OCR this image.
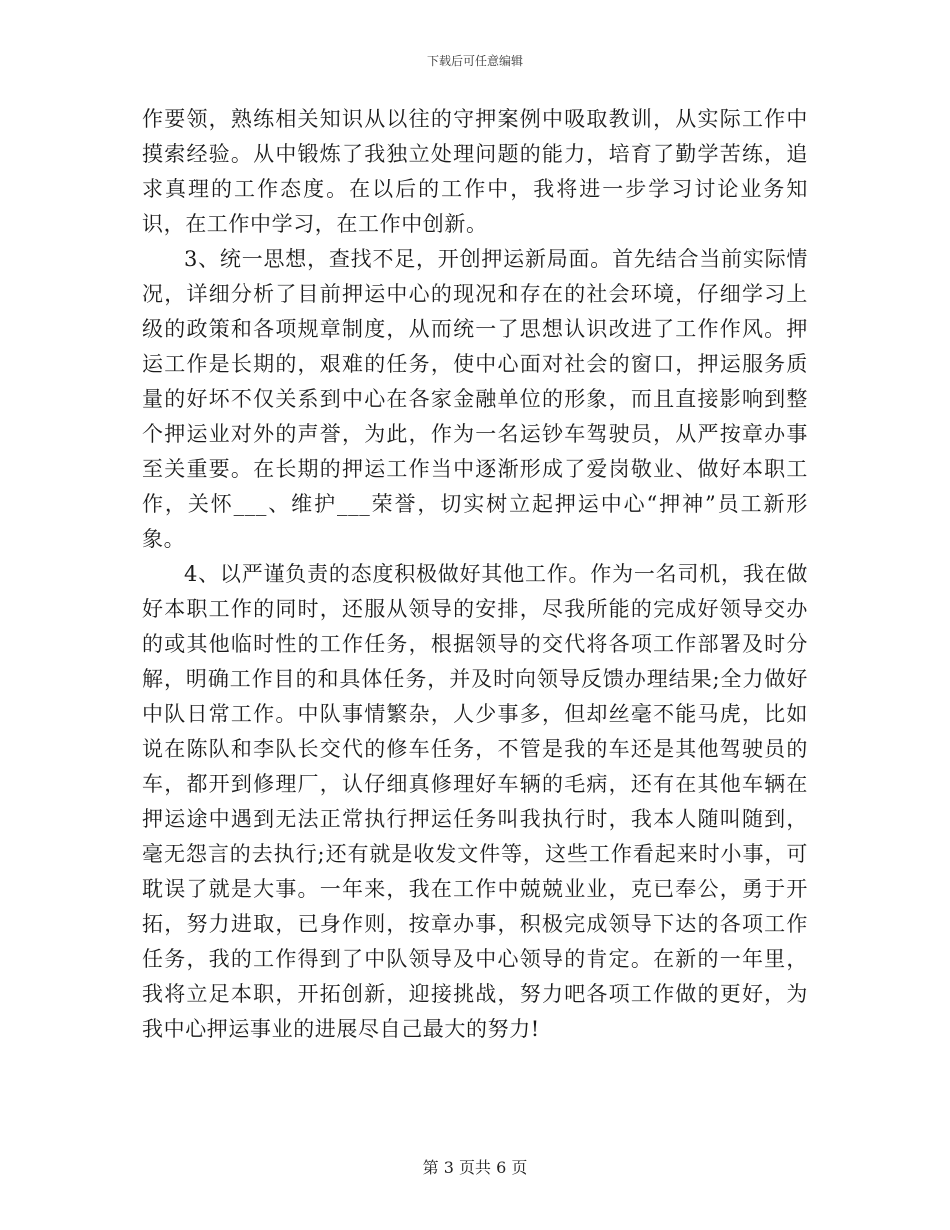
下载后可任意编辑

作要领，熟练相关知识从以往的守押案例中吸取教训，从实际工作中摸索经验。从中锻炼了我独立处理问题的能力，培育了勤学苦练，追求真理的工作态度。在以后的工作中，我将进一步学习讨论业务知识，在工作中学习，在工作中创新。

3、统一思想，查找不足，开创押运新局面。首先结合当前实际情况，详细分析了目前押运中心的现况和存在的社会环境，仔细学习上级的政策和各项规章制度，从而统一了思想认识改进了工作作风。押运工作是长期的，艰难的任务，使中心面对社会的窗口，押运服务质量的好坏不仅关系到中心在各家金融单位的形象，而且直接影响到整个押运业对外的声誉，为此，作为一名运钞车驾驶员，从严按章办事至关重要。在长期的押运工作当中逐渐形成了爱岗敬业、做好本职工作，关怀___、维护___荣誉，切实树立起押运中心“押神”员工新形象。

4、以严谨负责的态度积极做好其他工作。作为一名司机，我在做好本职工作的同时，还服从领导的安排，尽我所能的完成好领导交办的或其他临时性的工作任务，根据领导的交代将各项工作部署及时分解，明确工作目的和具体任务，并及时向领导反馈办理结果;全力做好中队日常工作。中队事情繁杂，人少事多，但却丝毫不能马虎，比如说在陈队和李队长交代的修车任务，不管是我的车还是其他驾驶员的车，都开到修理厂，认仔细真修理好车辆的毛病，还有在其他车辆在押运途中遇到无法正常执行押运任务叫我执行时，我本人随叫随到，毫无怨言的去执行;还有就是收发文件等，这些工作看起来时小事，可耽误了就是大事。一年来，我在工作中兢兢业业，克已奉公，勇于开拓，努力进取，已身作则，按章办事，积极完成领导下达的各项工作任务，我的工作得到了中队领导及中心领导的肯定。在新的一年里，我将立足本职，开拓创新，迎接挑战，努力吧各项工作做的更好，为我中心押运事业的进展尽自己最大的努力!

第 3 页共 6 页
